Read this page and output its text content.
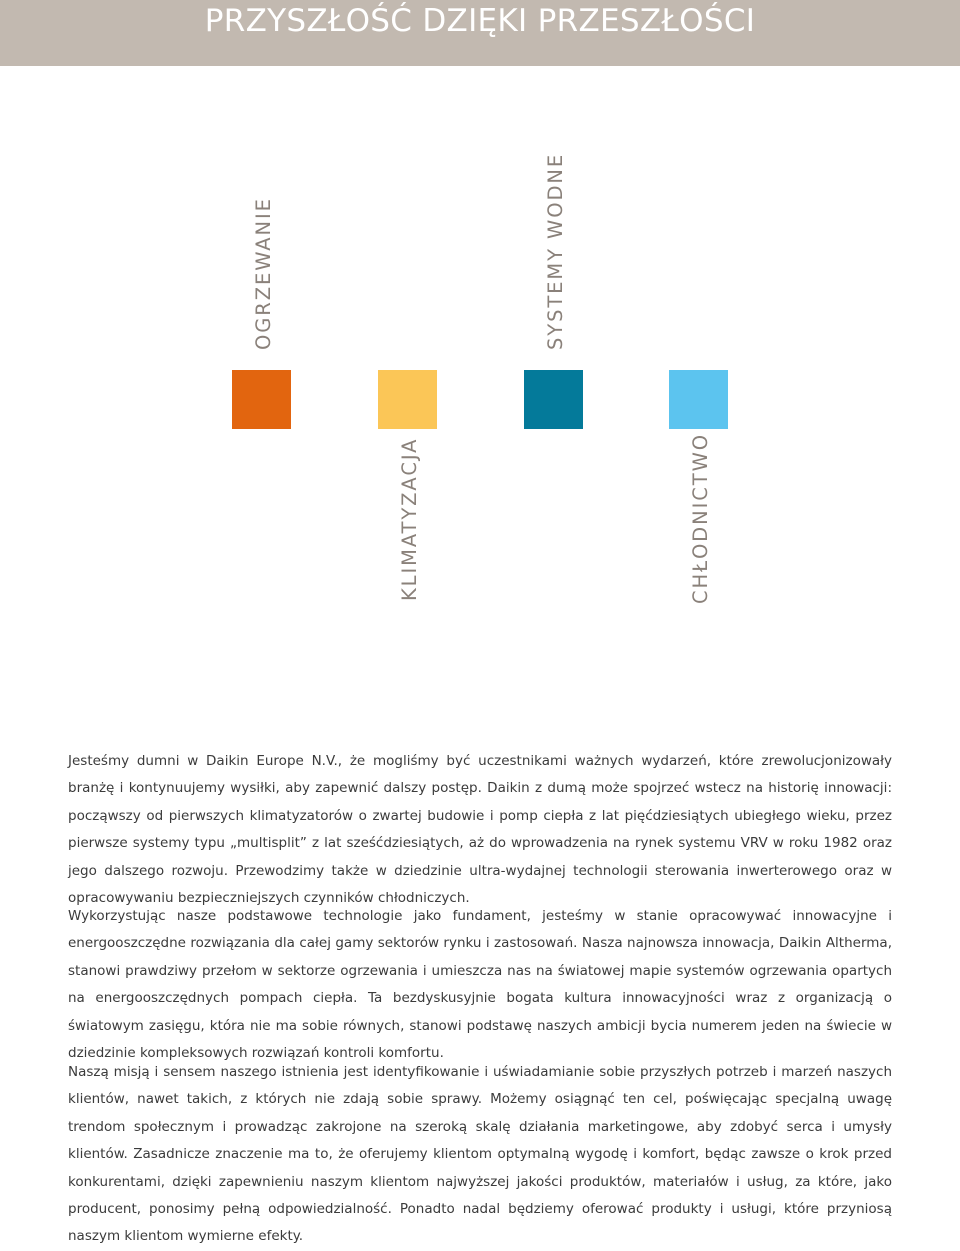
PRZYSZŁOŚĆ DZIĘKI PRZESZŁOŚCI
OGRZEWANIE
KLIMATYZACJA
SYSTEMY WODNE
CHŁODNICTWO

Jesteśmy dumni w Daikin Europe N.V., że mogliśmy być uczestnikami ważnych wydarzeń, które zrewolucjonizowały branżę i kontynuujemy wysiłki, aby zapewnić dalszy postęp. Daikin z dumą może spojrzeć wstecz na historię innowacji: począwszy od pierwszych klimatyzatorów o zwartej budowie i pomp ciepła z lat pięćdziesiątych ubiegłego wieku, przez pierwsze systemy typu „multisplit” z lat sześćdziesiątych, aż do wprowadzenia na rynek systemu VRV w roku 1982 oraz jego dalszego rozwoju. Przewodzimy także w dziedzinie ultra-wydajnej technologii sterowania inwerterowego oraz w opracowywaniu bezpieczniejszych czynników chłodniczych.

Wykorzystując nasze podstawowe technologie jako fundament, jesteśmy w stanie opracowywać innowacyjne i energooszczędne rozwiązania dla całej gamy sektorów rynku i zastosowań. Nasza najnowsza innowacja, Daikin Altherma, stanowi prawdziwy przełom w sektorze ogrzewania i umieszcza nas na światowej mapie systemów ogrzewania opartych na energooszczędnych pompach ciepła. Ta bezdyskusyjnie bogata kultura innowacyjności wraz z organizacją o światowym zasięgu, która nie ma sobie równych, stanowi podstawę naszych ambicji bycia numerem jeden na świecie w dziedzinie kompleksowych rozwiązań kontroli komfortu.

Naszą misją i sensem naszego istnienia jest identyfikowanie i uświadamianie sobie przyszłych potrzeb i marzeń naszych klientów, nawet takich, z których nie zdają sobie sprawy. Możemy osiągnąć ten cel, poświęcając specjalną uwagę trendom społecznym i prowadząc zakrojone na szeroką skalę działania marketingowe, aby zdobyć serca i umysły klientów. Zasadnicze znaczenie ma to, że oferujemy klientom optymalną wygodę i komfort, będąc zawsze o krok przed konkurentami, dzięki zapewnieniu naszym klientom najwyższej jakości produktów, materiałów i usług, za które, jako producent, ponosimy pełną odpowiedzialność. Ponadto nadal będziemy oferować produkty i usługi, które przyniosą naszym klientom wymierne efekty.
